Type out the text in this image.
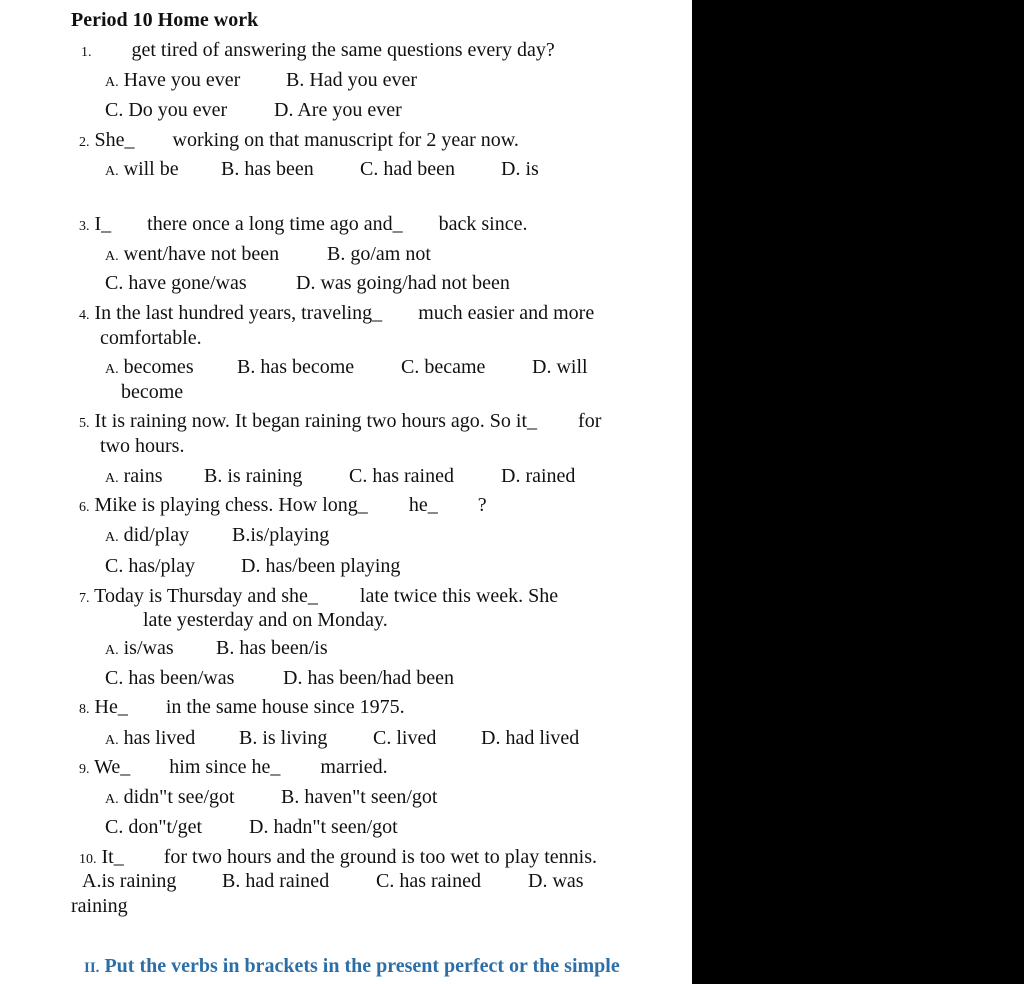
Period 10 Home work
1. get tired of answering the same questions every day?
A. Have you ever B. Had you ever
C. Do you ever D. Are you ever
2. She_ working on that manuscript for 2 year now.
A. will be B. has been C. had been D. is
3. I_ there once a long time ago and_ back since.
A. went/have not been B. go/am not
C. have gone/was D. was going/had not been
4. In the last hundred years, traveling_ much easier and more
comfortable.
A. becomes B. has become C. became D. will
become
5. It is raining now. It began raining two hours ago. So it_ for
two hours.
A. rains B. is raining C. has rained D. rained
6. Mike is playing chess. How long_ he_ ?
A. did/play B.is/playing
C. has/play D. has/been playing
7. Today is Thursday and she_ late twice this week. She
late yesterday and on Monday.
A. is/was B. has been/is
C. has been/was D. has been/had been
8. He_ in the same house since 1975.
A. has lived B. is living C. lived D. had lived
9. We_ him since he_ married.
A. didn"t see/got B. haven"t seen/got
C. don"t/get D. hadn"t seen/got
10. It_ for two hours and the ground is too wet to play tennis.
A.is raining B. had rained C. has rained D. was
raining
II. Put the verbs in brackets in the present perfect or the simple
